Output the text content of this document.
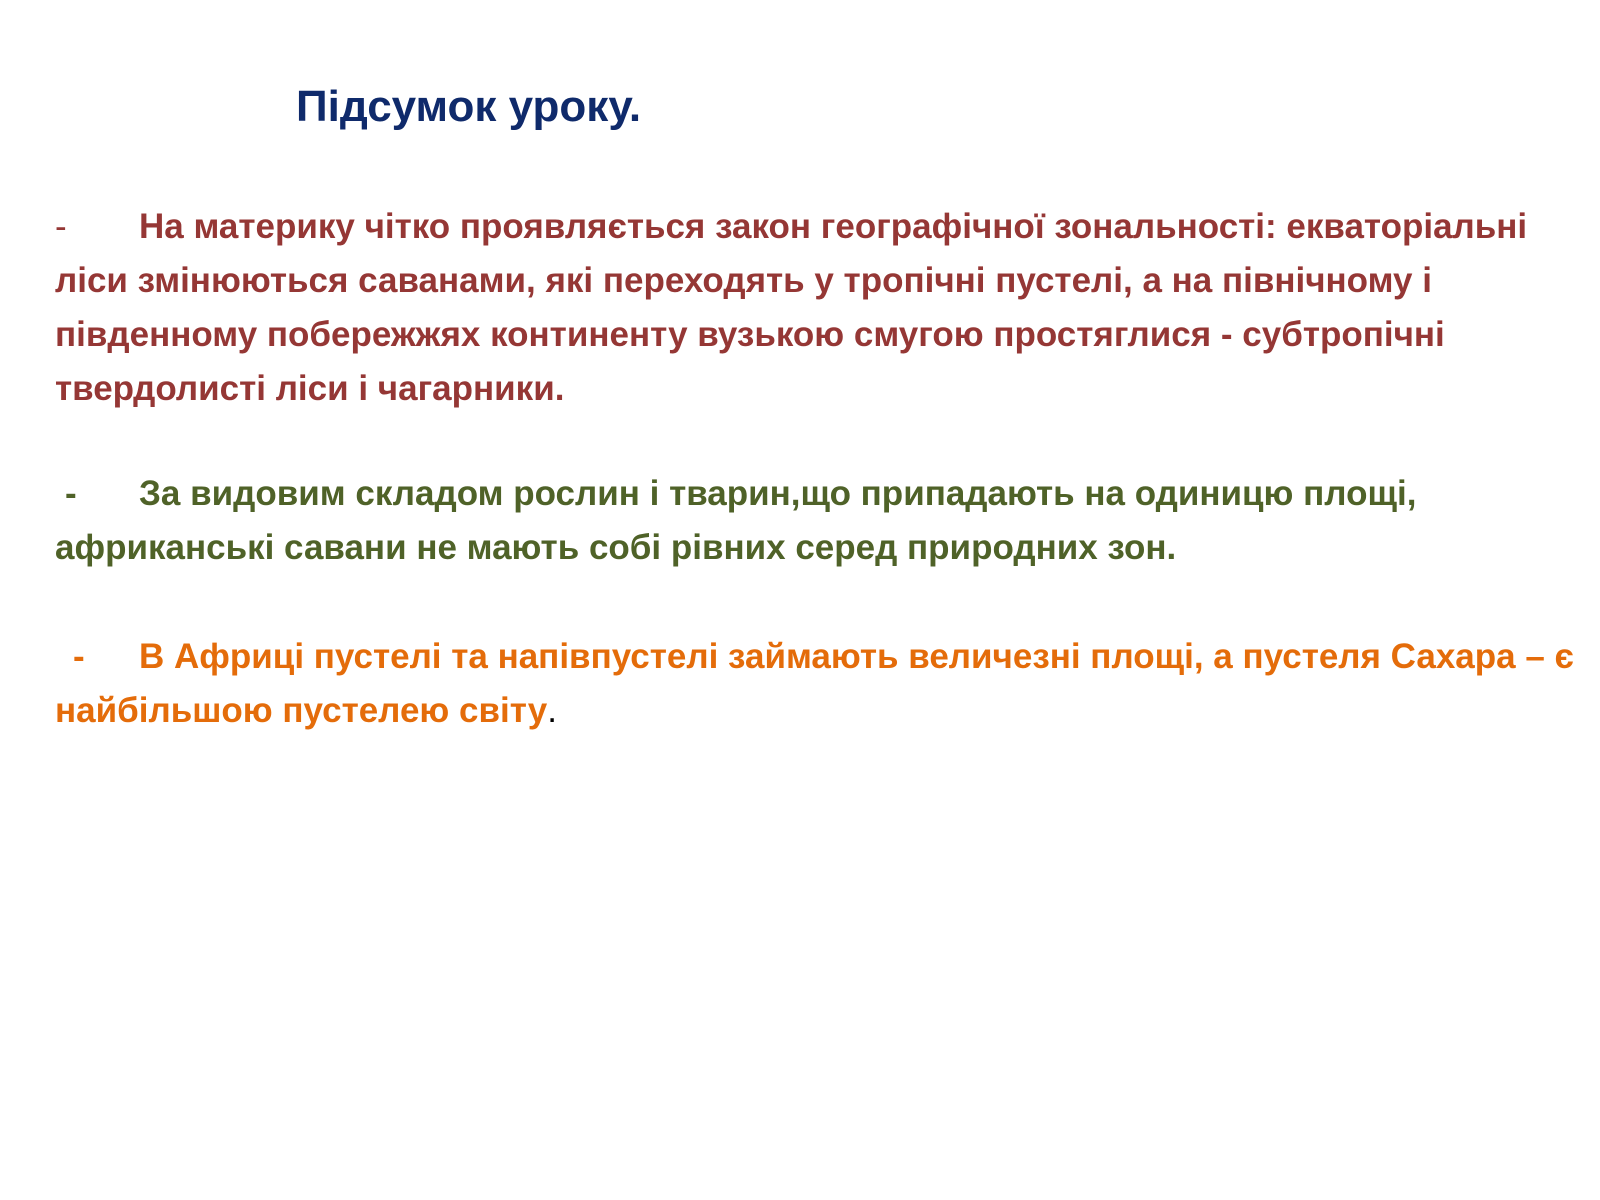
Підсумок уроку.

- На материку чітко проявляється закон географічної зональності: екваторіальні ліси змінюються саванами, які переходять у тропічні пустелі, а на північному і південному побережжях континенту вузькою смугою простяглися - субтропічні твердолисті ліси і чагарники.

- За видовим складом рослин і тварин,що припадають на одиницю площі, африканські савани не мають собі рівних серед природних зон.

- В Африці пустелі та напівпустелі займають величезні площі, а пустеля Сахара – є найбільшою пустелею світу.
